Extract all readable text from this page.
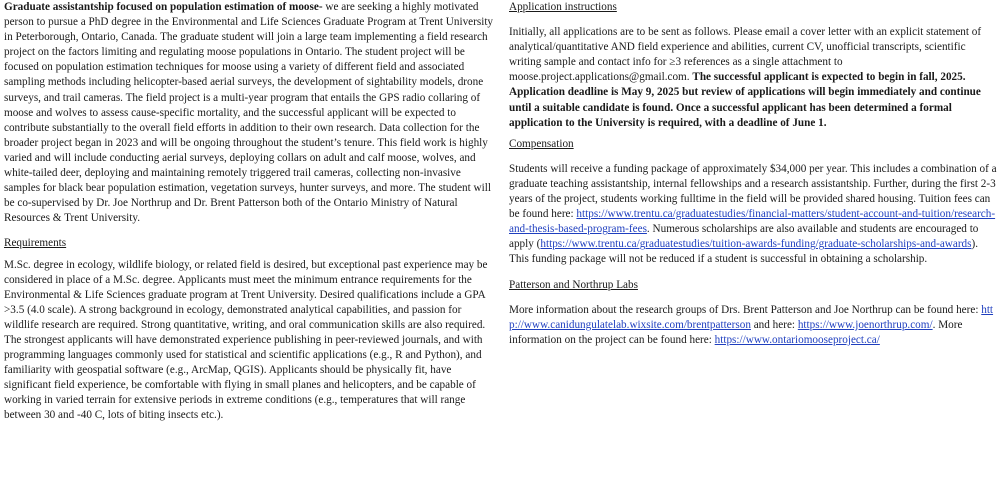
Graduate assistantship focused on population estimation of moose- we are seeking a highly motivated person to pursue a PhD degree in the Environmental and Life Sciences Graduate Program at Trent University in Peterborough, Ontario, Canada. The graduate student will join a large team implementing a field research project on the factors limiting and regulating moose populations in Ontario. The student project will be focused on population estimation techniques for moose using a variety of different field and associated sampling methods including helicopter-based aerial surveys, the development of sightability models, drone surveys, and trail cameras. The field project is a multi-year program that entails the GPS radio collaring of moose and wolves to assess cause-specific mortality, and the successful applicant will be expected to contribute substantially to the overall field efforts in addition to their own research. Data collection for the broader project began in 2023 and will be ongoing throughout the student’s tenure. This field work is highly varied and will include conducting aerial surveys, deploying collars on adult and calf moose, wolves, and white-tailed deer, deploying and maintaining remotely triggered trail cameras, collecting non-invasive samples for black bear population estimation, vegetation surveys, hunter surveys, and more. The student will be co-supervised by Dr. Joe Northrup and Dr. Brent Patterson both of the Ontario Ministry of Natural Resources & Trent University.

Requirements

M.Sc. degree in ecology, wildlife biology, or related field is desired, but exceptional past experience may be considered in place of a M.Sc. degree. Applicants must meet the minimum entrance requirements for the Environmental & Life Sciences graduate program at Trent University. Desired qualifications include a GPA >3.5 (4.0 scale). A strong background in ecology, demonstrated analytical capabilities, and passion for wildlife research are required. Strong quantitative, writing, and oral communication skills are also required. The strongest applicants will have demonstrated experience publishing in peer-reviewed journals, and with programming languages commonly used for statistical and scientific applications (e.g., R and Python), and familiarity with geospatial software (e.g., ArcMap, QGIS). Applicants should be physically fit, have significant field experience, be comfortable with flying in small planes and helicopters, and be capable of working in varied terrain for extensive periods in extreme conditions (e.g., temperatures that will range between 30 and -40 C, lots of biting insects etc.).

Application instructions

Initially, all applications are to be sent as follows. Please email a cover letter with an explicit statement of analytical/quantitative AND field experience and abilities, current CV, unofficial transcripts, scientific writing sample and contact info for ≥3 references as a single attachment to moose.project.applications@gmail.com. The successful applicant is expected to begin in fall, 2025. Application deadline is May 9, 2025 but review of applications will begin immediately and continue until a suitable candidate is found. Once a successful applicant has been determined a formal application to the University is required, with a deadline of June 1.

Compensation

Students will receive a funding package of approximately $34,000 per year. This includes a combination of a graduate teaching assistantship, internal fellowships and a research assistantship. Further, during the first 2-3 years of the project, students working fulltime in the field will be provided shared housing. Tuition fees can be found here: https://www.trentu.ca/graduatestudies/financial-matters/student-account-and-tuition/research-and-thesis-based-program-fees. Numerous scholarships are also available and students are encouraged to apply (https://www.trentu.ca/graduatestudies/tuition-awards-funding/graduate-scholarships-and-awards). This funding package will not be reduced if a student is successful in obtaining a scholarship.

Patterson and Northrup Labs

More information about the research groups of Drs. Brent Patterson and Joe Northrup can be found here: http://www.canidungulatelab.wixsite.com/brentpatterson and here: https://www.joenorthrup.com/. More information on the project can be found here: https://www.ontariomooseproject.ca/
